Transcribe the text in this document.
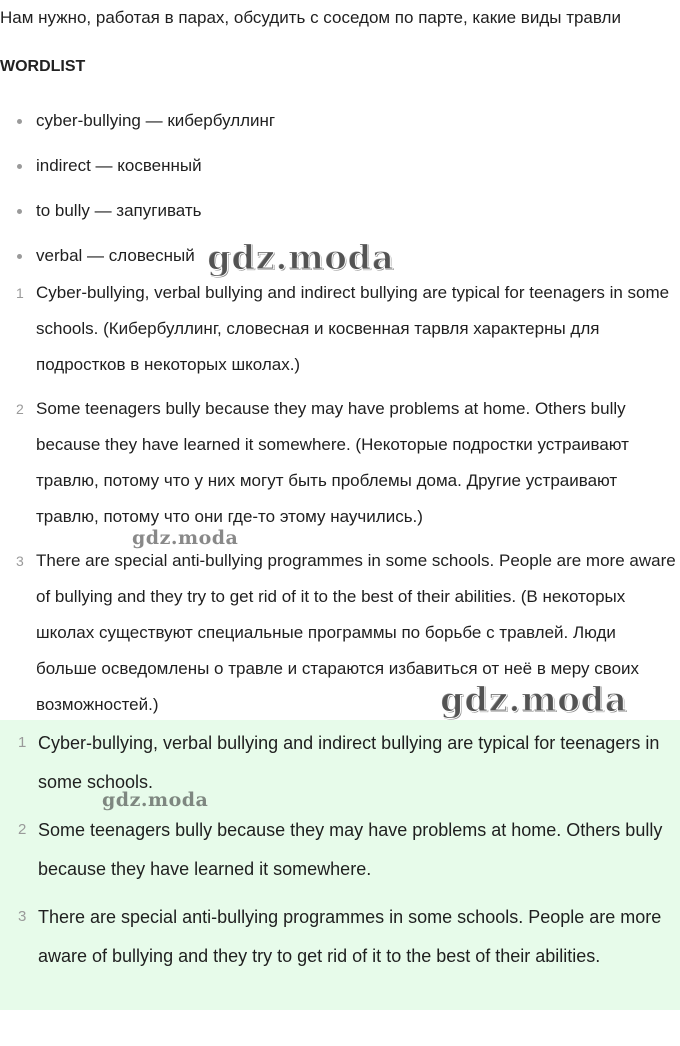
Нам нужно, работая в парах, обсудить с соседом по парте, какие виды травли
WORDLIST
cyber-bullying — кибербуллинг
indirect — косвенный
to bully — запугивать
verbal — словесный
1 Cyber-bullying, verbal bullying and indirect bullying are typical for teenagers in some schools. (Кибербуллинг, словесная и косвенная тарвля характерны для подростков в некоторых школах.)
2 Some teenagers bully because they may have problems at home. Others bully because they have learned it somewhere. (Некоторые подростки устраивают травлю, потому что у них могут быть проблемы дома. Другие устраивают травлю, потому что они где-то этому научились.)
3 There are special anti-bullying programmes in some schools. People are more aware of bullying and they try to get rid of it to the best of their abilities. (В некоторых школах существуют специальные программы по борьбе с травлей. Люди больше осведомлены о травле и стараются избавиться от неё в меру своих возможностей.)
1 Cyber-bullying, verbal bullying and indirect bullying are typical for teenagers in some schools.
2 Some teenagers bully because they may have problems at home. Others bully because they have learned it somewhere.
3 There are special anti-bullying programmes in some schools. People are more aware of bullying and they try to get rid of it to the best of their abilities.
gdz.moda
gdz.moda
gdz.moda
gdz.moda
